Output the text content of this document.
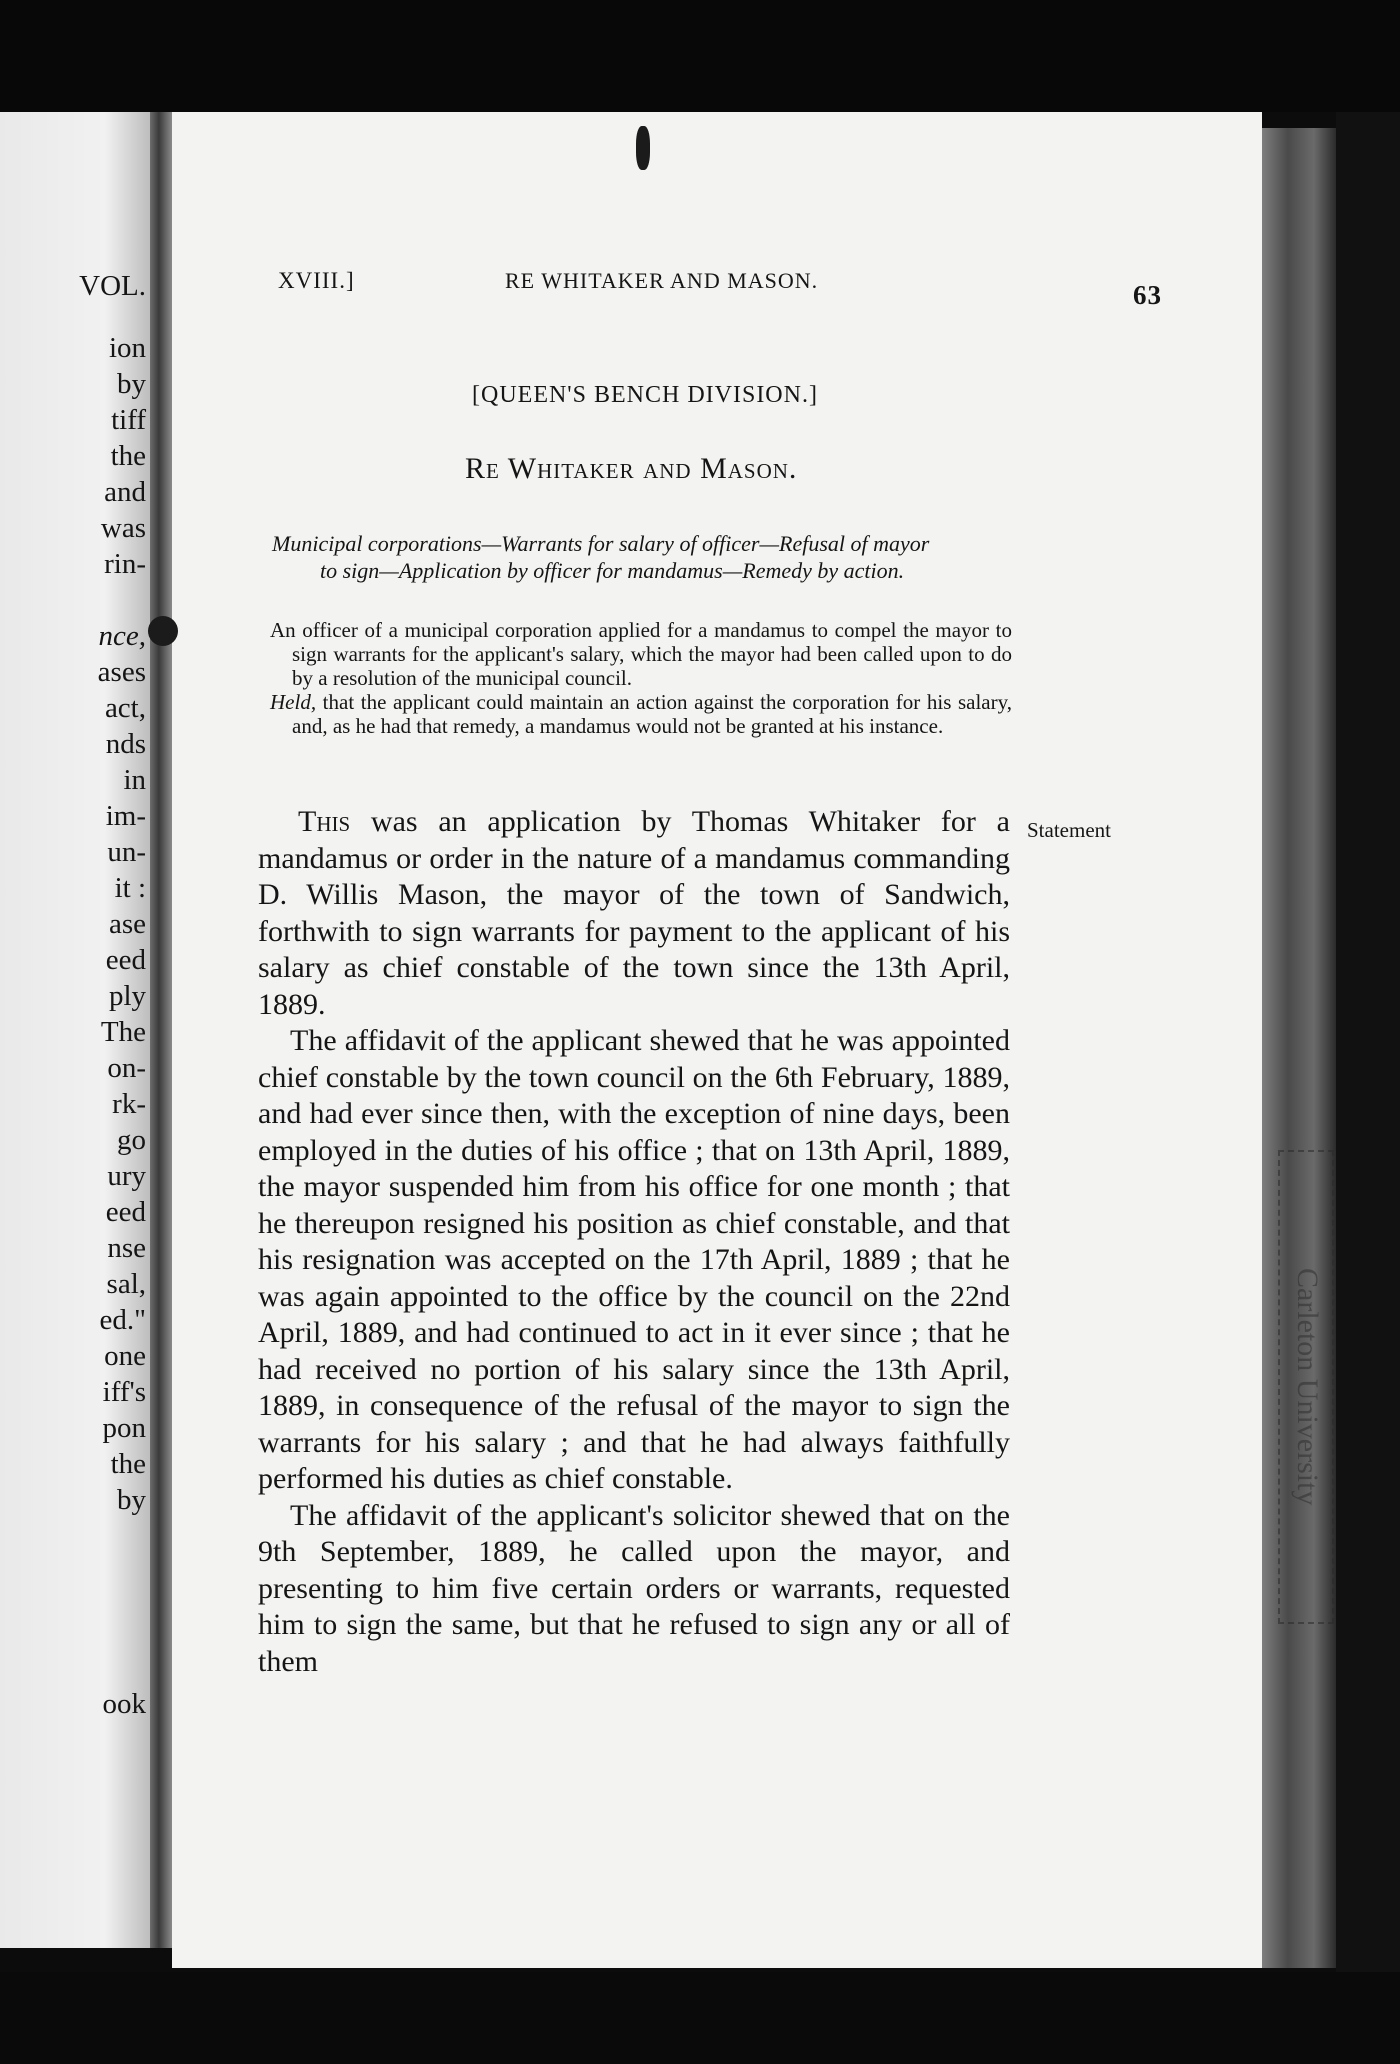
VOL.
ion
by
tiff
the
and
was
rin-
nce,
ases
act,
nds
in
im-
un-
it :
ase
eed
ply
The
on-
rk-
go
ury
eed
nse
sal,
ed."
one
iff's
pon
the
by
ook
Carleton University
XVIII.]	RE WHITAKER AND MASON.	63
[QUEEN'S BENCH DIVISION.]
Re Whitaker and Mason.
Municipal corporations—Warrants for salary of officer—Refusal of mayor
to sign—Application by officer for mandamus—Remedy by action.

An officer of a municipal corporation applied for a mandamus to compel the mayor to sign warrants for the applicant's salary, which the mayor had been called upon to do by a resolution of the municipal council.

Held, that the applicant could maintain an action against the corporation for his salary, and, as he had that remedy, a mandamus would not be granted at his instance.

Statement

This was an application by Thomas Whitaker for a mandamus or order in the nature of a mandamus commanding D. Willis Mason, the mayor of the town of Sandwich, forthwith to sign warrants for payment to the applicant of his salary as chief constable of the town since the 13th April, 1889.

The affidavit of the applicant shewed that he was appointed chief constable by the town council on the 6th February, 1889, and had ever since then, with the exception of nine days, been employed in the duties of his office ; that on 13th April, 1889, the mayor suspended him from his office for one month ; that he thereupon resigned his position as chief constable, and that his resignation was accepted on the 17th April, 1889 ; that he was again appointed to the office by the council on the 22nd April, 1889, and had continued to act in it ever since ; that he had received no portion of his salary since the 13th April, 1889, in consequence of the refusal of the mayor to sign the warrants for his salary ; and that he had always faithfully performed his duties as chief constable.

The affidavit of the applicant's solicitor shewed that on the 9th September, 1889, he called upon the mayor, and presenting to him five certain orders or warrants, requested him to sign the same, but that he refused to sign any or all of them
